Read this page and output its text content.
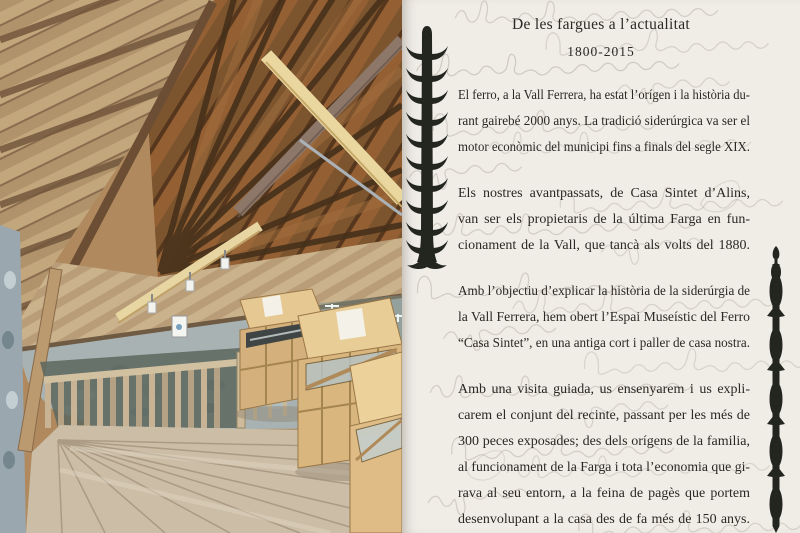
De les fargues a l’actualitat
1800-2015
El ferro, a la Vall Ferrera, ha estat l’orígen i la història du-
rant gairebé 2000 anys. La tradició siderúrgica va ser el
motor econòmic del municipi fins a finals del segle XIX.
Els nostres avantpassats, de Casa Sintet d’Alins,
van ser els propietaris de la última Farga en fun-
cionament de la Vall, que tancà als volts del 1880.
Amb l’objectiu d’explicar la història de la siderúrgia de
la Vall Ferrera, hem obert l’Espai Museístic del Ferro
“Casa Sintet”, en una antiga cort i paller de casa nostra.
Amb una visita guiada, us ensenyarem i us expli-
carem el conjunt del recinte, passant per les més de
300 peces exposades; des dels orígens de la familia,
al funcionament de la Farga i tota l’economia que gi-
rava al seu entorn, a la feina de pagès que portem
desenvolupant a la casa des de fa més de 150 anys.
